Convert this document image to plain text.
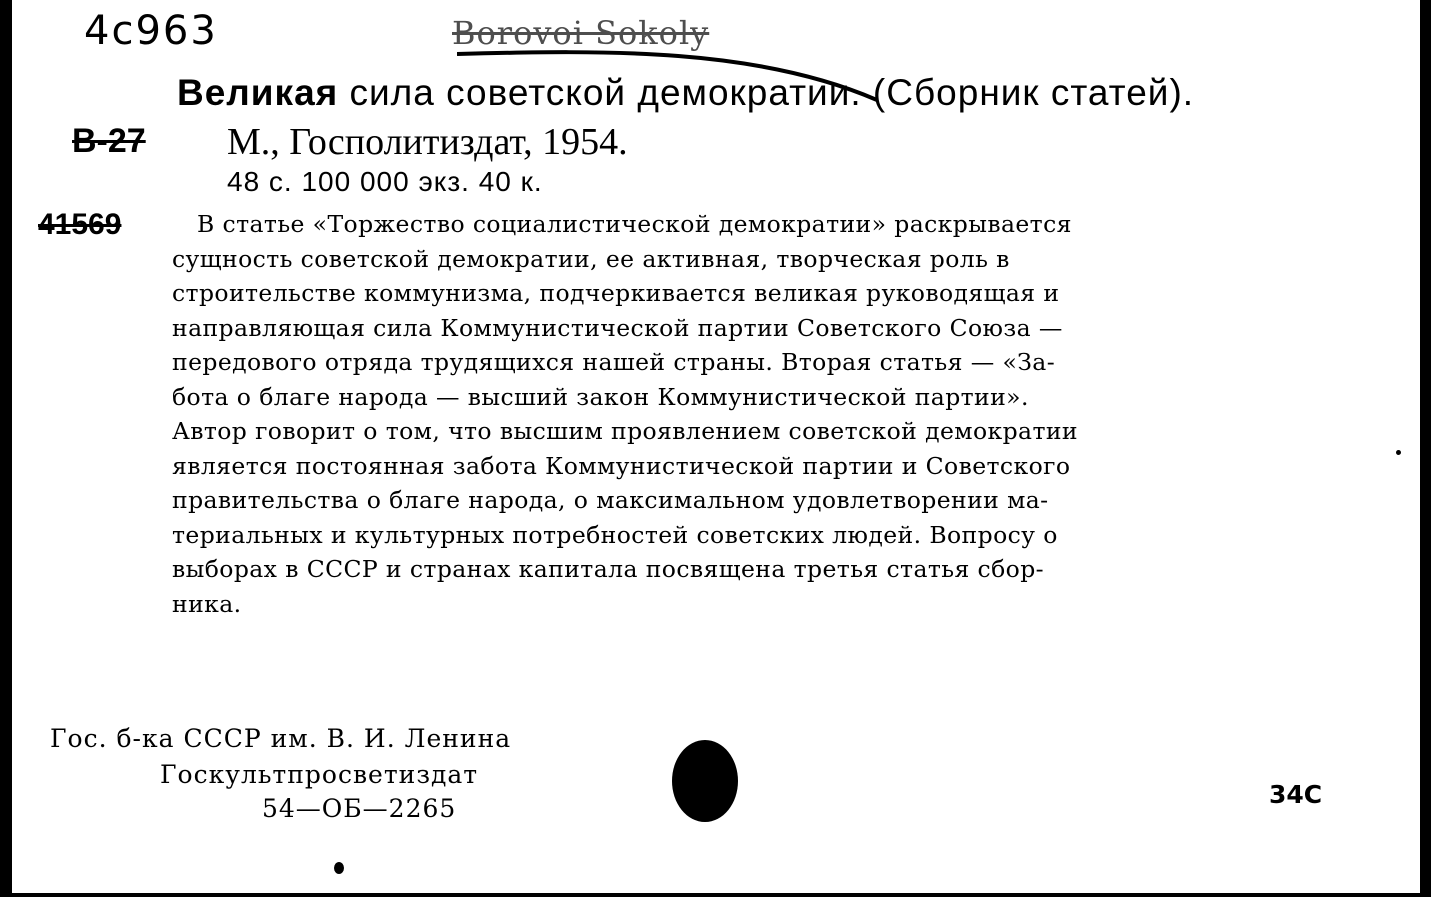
4с963	Borovoi Sokoly
Великая сила советской демократии. (Сборник статей).
В-27 М., Госполитиздат, 1954.
48 с. 100 000 экз. 40 к.
41569	В статье «Торжество социалистической демократии» раскрывается
сущность советской демократии, ее активная, творческая роль в
строительстве коммунизма, подчеркивается великая руководящая и
направляющая сила Коммунистической партии Советского Союза —
передового отряда трудящихся нашей страны. Вторая статья — «За-
бота о благе народа — высший закон Коммунистической партии».
Автор говорит о том, что высшим проявлением советской демократии
является постоянная забота Коммунистической партии и Советского
правительства о благе народа, о максимальном удовлетворении ма-
териальных и культурных потребностей советских людей. Вопросу о
выборах в СССР и странах капитала посвящена третья статья сбор-
ника.
Гос. б-ка СССР им. В. И. Ленина
Госкультпросветиздат
54—ОБ—2265	34С
